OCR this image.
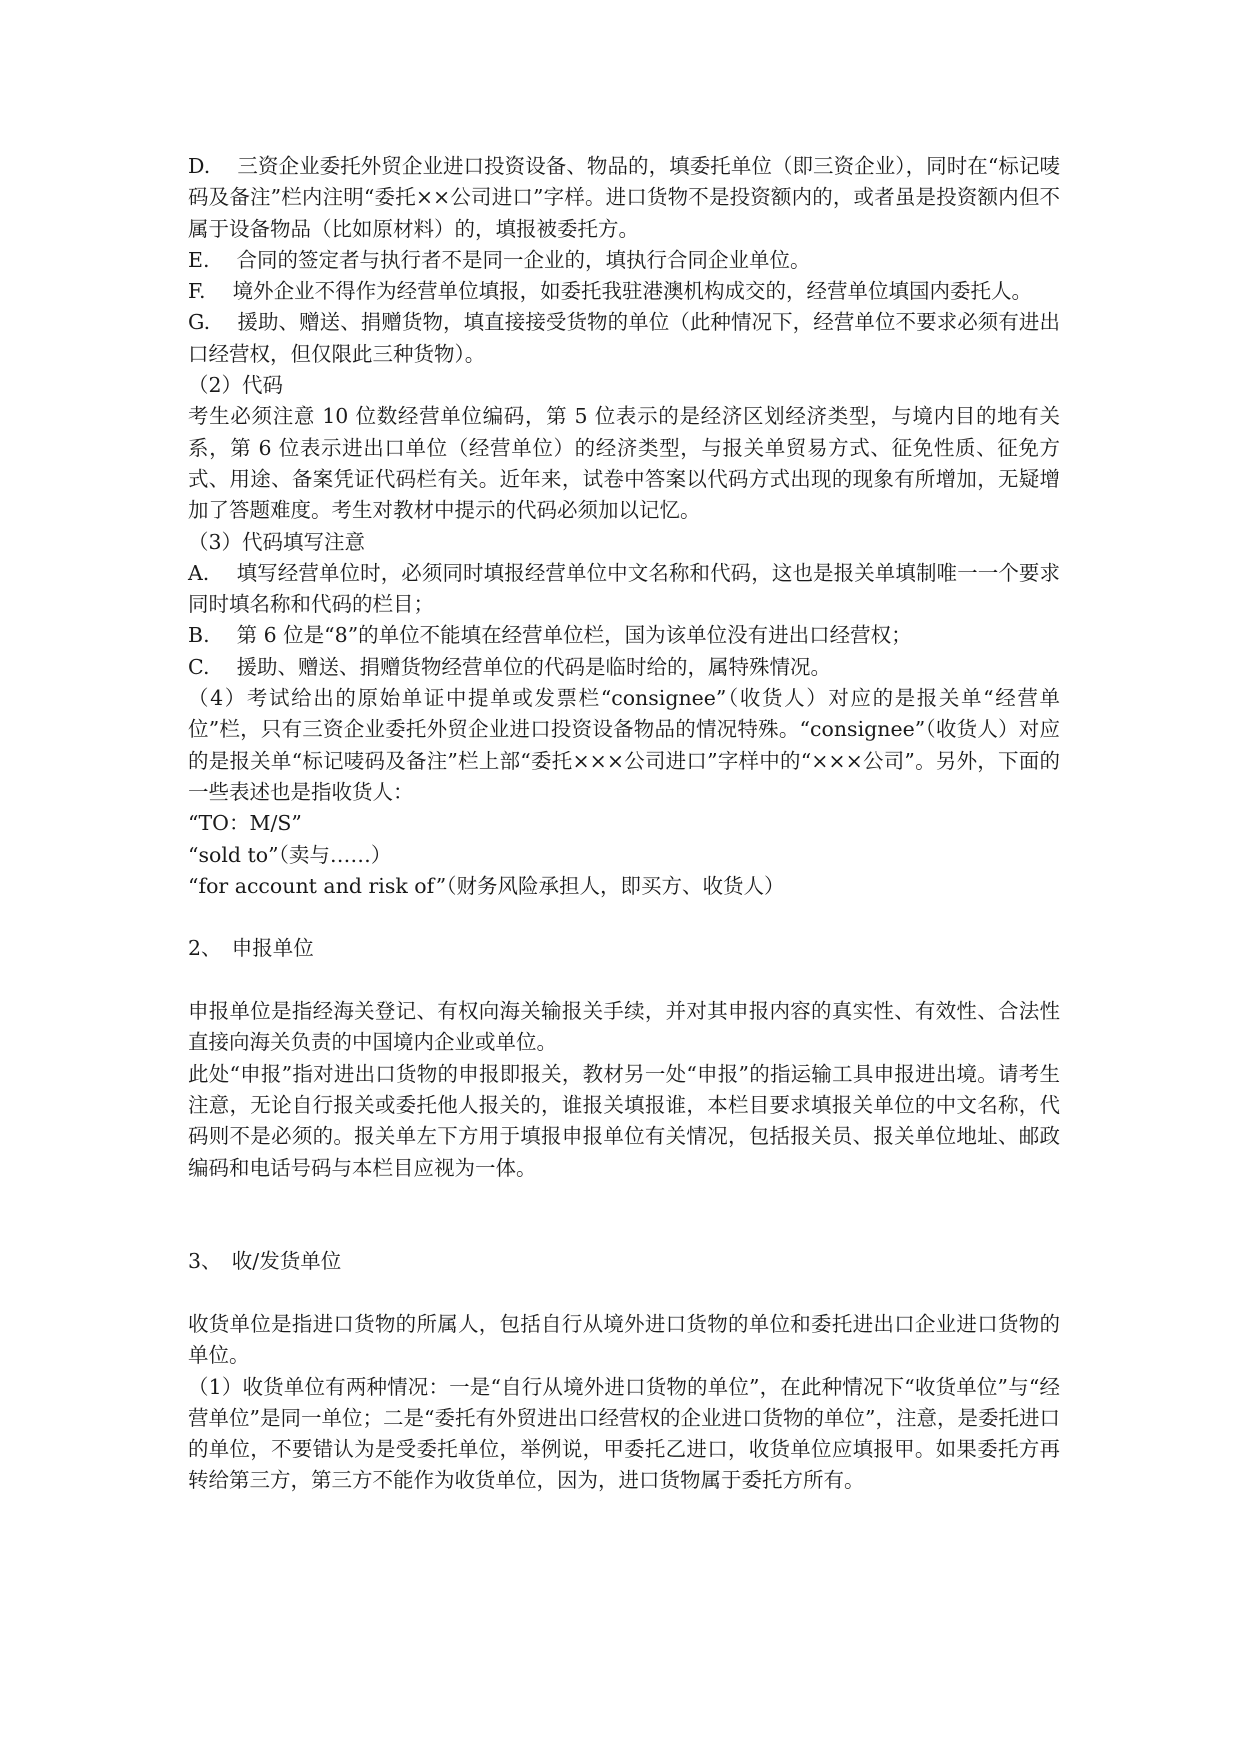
D.　 三资企业委托外贸企业进口投资设备、物品的，填委托单位（即三资企业），同时在“标记唛码及备注”栏内注明“委托××公司进口”字样。进口货物不是投资额内的，或者虽是投资额内但不属于设备物品（比如原材料）的，填报被委托方。

E.　 合同的签定者与执行者不是同一企业的，填执行合同企业单位。

F.　 境外企业不得作为经营单位填报，如委托我驻港澳机构成交的，经营单位填国内委托人。

G.　 援助、赠送、捐赠货物，填直接接受货物的单位（此种情况下，经营单位不要求必须有进出口经营权，但仅限此三种货物）。

（2）代码

考生必须注意 10 位数经营单位编码，第 5 位表示的是经济区划经济类型，与境内目的地有关系，第 6 位表示进出口单位（经营单位）的经济类型，与报关单贸易方式、征免性质、征免方式、用途、备案凭证代码栏有关。近年来，试卷中答案以代码方式出现的现象有所增加，无疑增加了答题难度。考生对教材中提示的代码必须加以记忆。

（3）代码填写注意

A.　 填写经营单位时，必须同时填报经营单位中文名称和代码，这也是报关单填制唯一一个要求同时填名称和代码的栏目；

B.　 第 6 位是“8”的单位不能填在经营单位栏，国为该单位没有进出口经营权；

C.　 援助、赠送、捐赠货物经营单位的代码是临时给的，属特殊情况。

（4）考试给出的原始单证中提单或发票栏“consignee”（收货人）对应的是报关单“经营单位”栏，只有三资企业委托外贸企业进口投资设备物品的情况特殊。“consignee”（收货人）对应的是报关单“标记唛码及备注”栏上部“委托×××公司进口”字样中的“×××公司”。另外，下面的一些表述也是指收货人：

“TO：M/S”

“sold to”（卖与……）

“for account and risk of”（财务风险承担人，即买方、收货人）

2、　申报单位

申报单位是指经海关登记、有权向海关输报关手续，并对其申报内容的真实性、有效性、合法性直接向海关负责的中国境内企业或单位。

此处“申报”指对进出口货物的申报即报关，教材另一处“申报”的指运输工具申报进出境。请考生注意，无论自行报关或委托他人报关的，谁报关填报谁，本栏目要求填报关单位的中文名称，代码则不是必须的。报关单左下方用于填报申报单位有关情况，包括报关员、报关单位地址、邮政编码和电话号码与本栏目应视为一体。

3、　收/发货单位

收货单位是指进口货物的所属人，包括自行从境外进口货物的单位和委托进出口企业进口货物的单位。

（1）收货单位有两种情况：一是“自行从境外进口货物的单位”，在此种情况下“收货单位”与“经营单位”是同一单位；二是“委托有外贸进出口经营权的企业进口货物的单位”，注意，是委托进口的单位，不要错认为是受委托单位，举例说，甲委托乙进口，收货单位应填报甲。如果委托方再转给第三方，第三方不能作为收货单位，因为，进口货物属于委托方所有。
